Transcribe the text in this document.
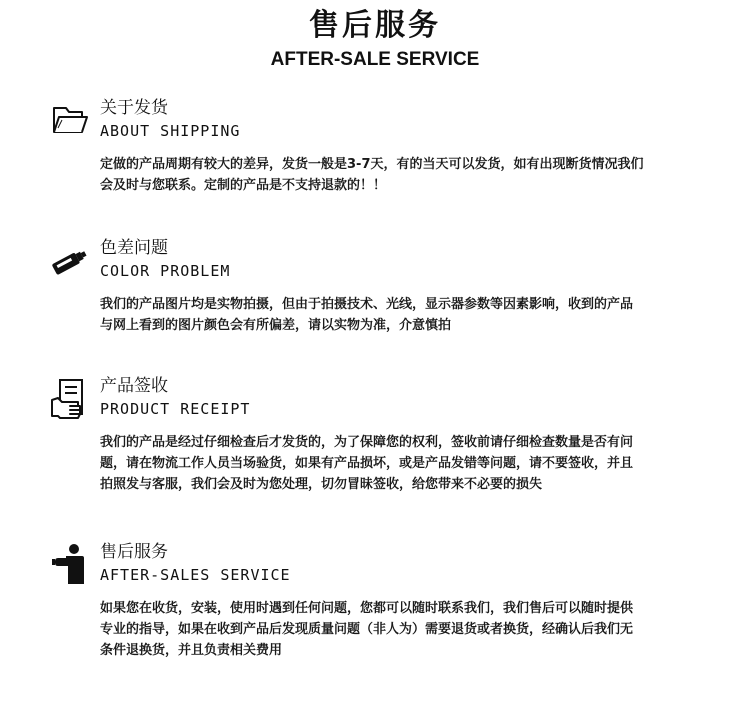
售后服务
AFTER-SALE SERVICE
关于发货
ABOUT SHIPPING

定做的产品周期有较大的差异，发货一般是3-7天，有的当天可以发货，如有出现断货情况我们

会及时与您联系。定制的产品是不支持退款的！！

色差问题
COLOR PROBLEM

我们的产品图片均是实物拍摄，但由于拍摄技术、光线，显示器参数等因素影响，收到的产品

与网上看到的图片颜色会有所偏差，请以实物为准，介意慎拍

产品签收
PRODUCT RECEIPT

我们的产品是经过仔细检查后才发货的，为了保障您的权利，签收前请仔细检查数量是否有问

题，请在物流工作人员当场验货，如果有产品损坏，或是产品发错等问题，请不要签收，并且

拍照发与客服，我们会及时为您处理，切勿冒昧签收，给您带来不必要的损失

售后服务
AFTER-SALES SERVICE

如果您在收货，安装，使用时遇到任何问题，您都可以随时联系我们，我们售后可以随时提供

专业的指导，如果在收到产品后发现质量问题（非人为）需要退货或者换货，经确认后我们无

条件退换货，并且负责相关费用
